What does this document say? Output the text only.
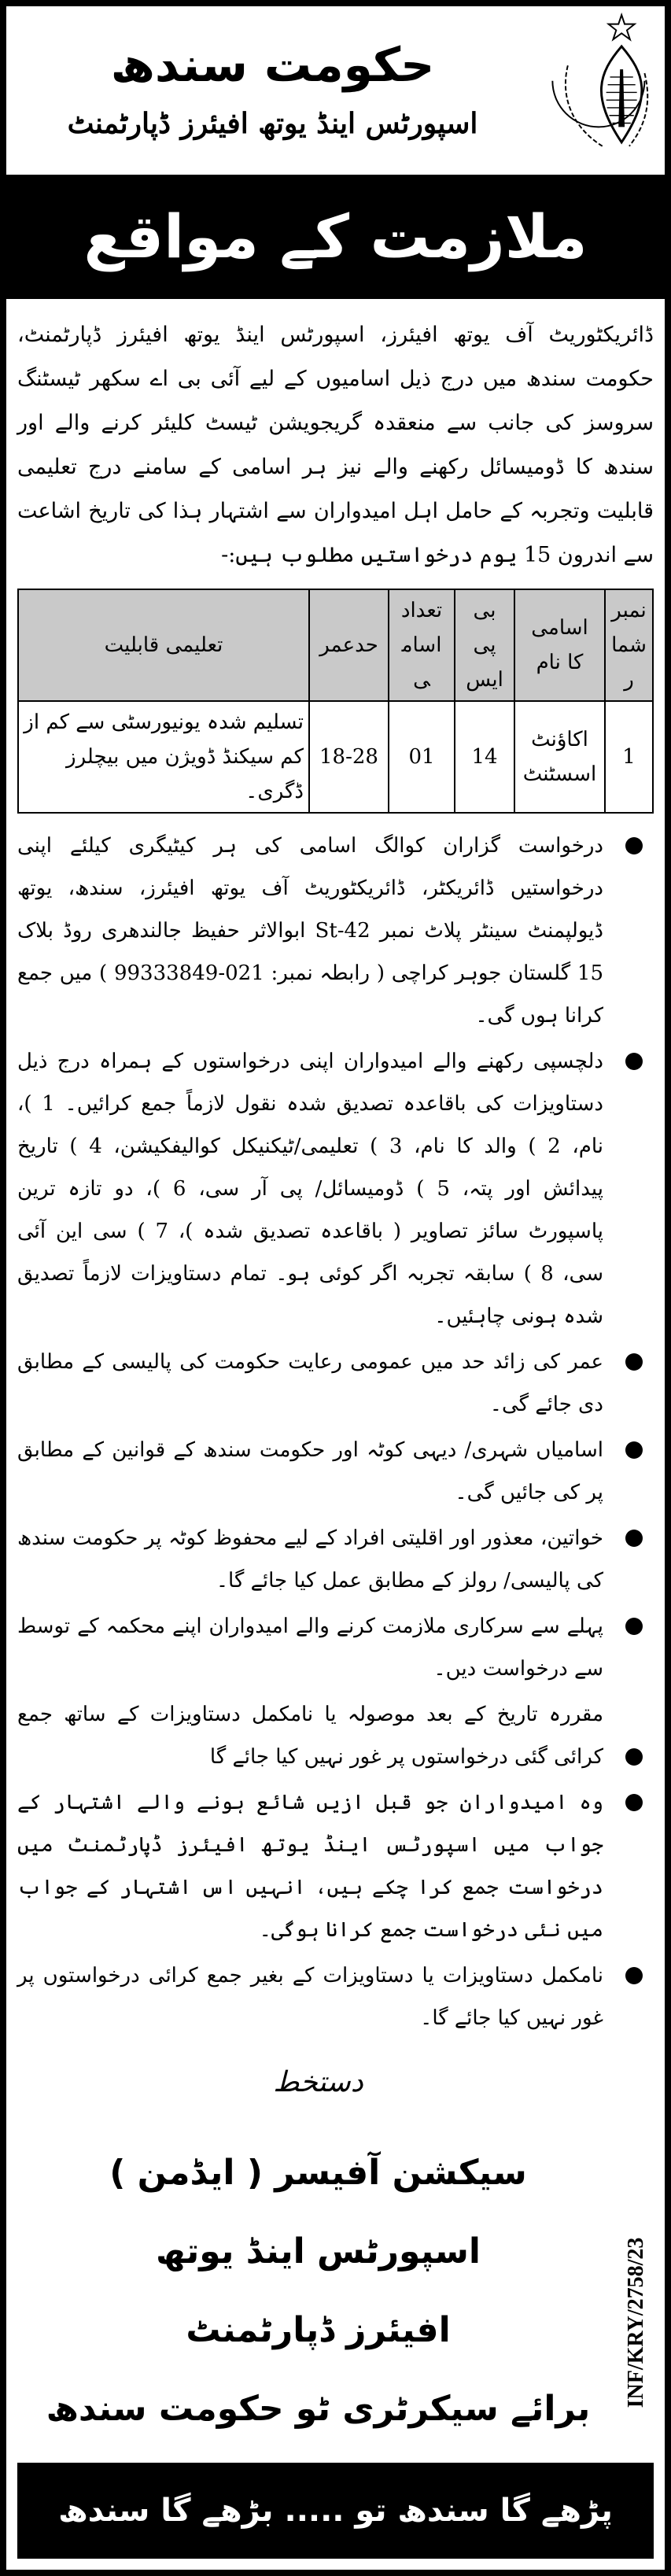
حکومت سندھ
اسپورٹس اینڈ یوتھ افیئرز ڈپارٹمنٹ
ملازمت کے مواقع

ڈائریکٹوریٹ آف یوتھ افیئرز، اسپورٹس اینڈ یوتھ افیئرز ڈپارٹمنٹ، حکومت سندھ میں درج ذیل اسامیوں کے لیے آئی بی اے سکھر ٹیسٹنگ سروسز کی جانب سے منعقدہ گریجویشن ٹیسٹ کلیئر کرنے والے اور سندھ کا ڈومیسائل رکھنے والے نیز ہر اسامی کے سامنے درج تعلیمی قابلیت وتجربہ کے حامل اہل امیدواران سے اشتہار ہذا کی تاریخ اشاعت سے اندرون 15 یوم درخواستیں مطلوب ہیں:-

نمبر شمار	اسامی کا نام	بی پی ایس	تعداد اسامی	حدعمر	تعلیمی قابلیت
1	اکاؤنٹ اسسٹنٹ	14	01	18-28	تسلیم شدہ یونیورسٹی سے کم از کم سیکنڈ ڈویژن میں بیچلرز ڈگری۔
درخواست گزاران کوالگ اسامی کی ہر کیٹیگری کیلئے اپنی درخواستیں ڈائریکٹر، ڈائریکٹوریٹ آف یوتھ افیئرز، سندھ، یوتھ ڈیولپمنٹ سینٹر پلاٹ نمبر St-42 ابوالاثر حفیظ جالندھری روڈ بلاک 15 گلستان جوہر کراچی ( رابطہ نمبر: 021-99333849 ) میں جمع کرانا ہوں گی۔
دلچسپی رکھنے والے امیدواران اپنی درخواستوں کے ہمراہ درج ذیل دستاویزات کی باقاعدہ تصدیق شدہ نقول لازماً جمع کرائیں۔ 1 )، نام، 2 ) والد کا نام، 3 ) تعلیمی/ٹیکنیکل کوالیفکیشن، 4 ) تاریخ پیدائش اور پتہ، 5 ) ڈومیسائل/ پی آر سی، 6 )، دو تازہ ترین پاسپورٹ سائز تصاویر ( باقاعدہ تصدیق شدہ )، 7 ) سی این آئی سی، 8 ) سابقہ تجربہ اگر کوئی ہو۔ تمام دستاویزات لازماً تصدیق شدہ ہونی چاہئیں۔
عمر کی زائد حد میں عمومی رعایت حکومت کی پالیسی کے مطابق دی جائے گی۔
اسامیاں شہری/ دیہی کوٹہ اور حکومت سندھ کے قوانین کے مطابق پر کی جائیں گی۔
خواتین، معذور اور اقلیتی افراد کے لیے محفوظ کوٹہ پر حکومت سندھ کی پالیسی/ رولز کے مطابق عمل کیا جائے گا۔
پہلے سے سرکاری ملازمت کرنے والے امیدواران اپنے محکمہ کے توسط سے درخواست دیں۔
مقررہ تاریخ کے بعد موصولہ یا نامکمل دستاویزات کے ساتھ جمع کرائی گئی درخواستوں پر غور نہیں کیا جائے گا
وہ امیدواران جو قبل ازیں شائع ہونے والے اشتہار کے جواب میں اسپورٹس اینڈ یوتھ افیئرز ڈپارٹمنٹ میں درخواست جمع کرا چکے ہیں، انہیں اس اشتہار کے جواب میں نئی درخواست جمع کرانا ہوگی۔
نامکمل دستاویزات یا دستاویزات کے بغیر جمع کرائی درخواستوں پر غور نہیں کیا جائے گا۔
دستخط
سیکشن آفیسر ( ایڈمن )
اسپورٹس اینڈ یوتھ
افیئرز ڈپارٹمنٹ
برائے سیکرٹری ٹو حکومت سندھ
INF/KRY/2758/23
پڑھے گا سندھ تو ..... بڑھے گا سندھ
